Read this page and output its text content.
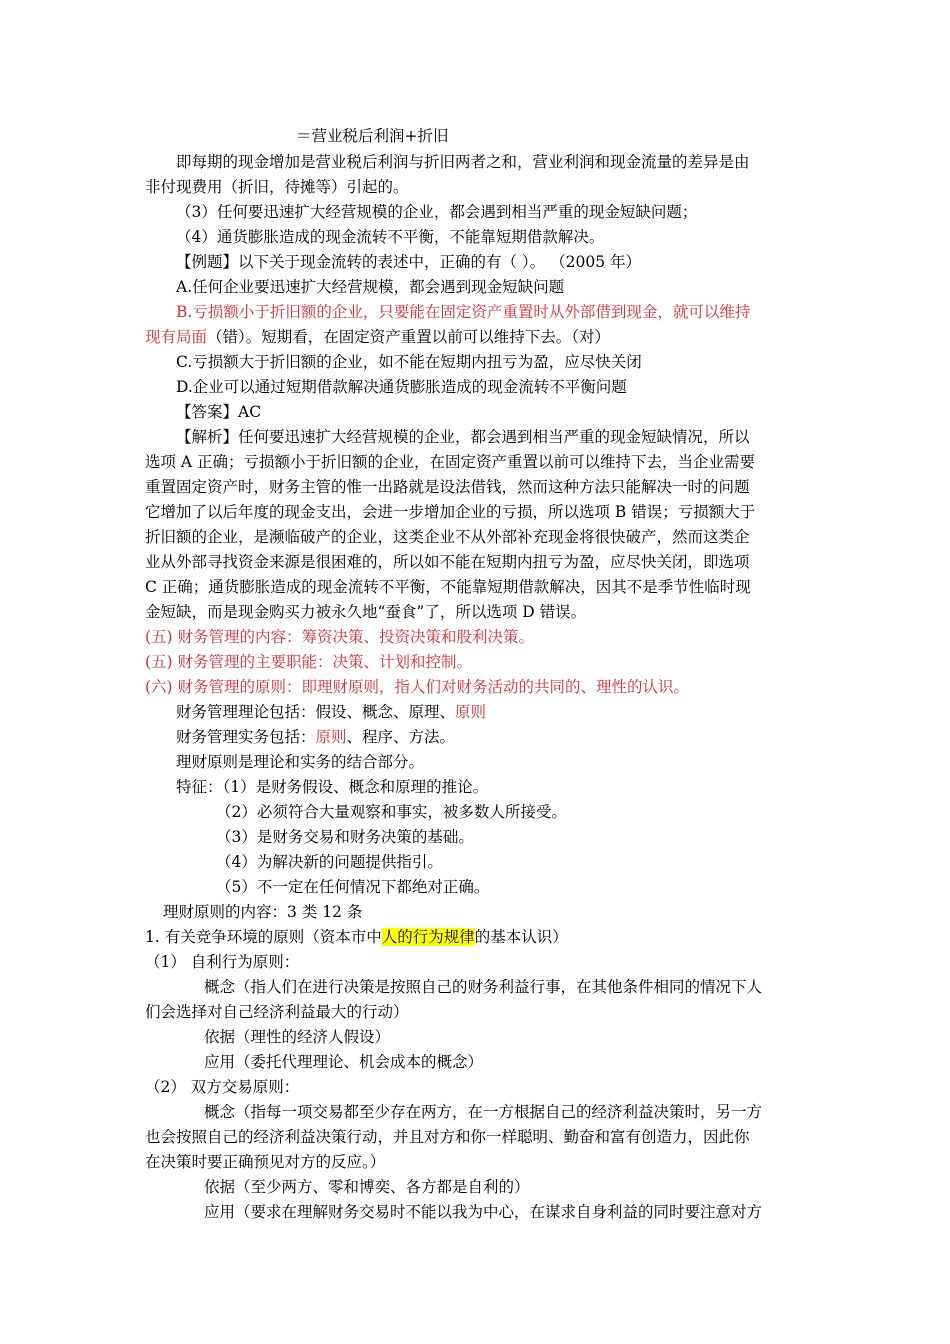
＝营业税后利润+折旧
即每期的现金增加是营业税后利润与折旧两者之和，营业利润和现金流量的差异是由
非付现费用（折旧，待摊等）引起的。
（3）任何要迅速扩大经营规模的企业，都会遇到相当严重的现金短缺问题；
（4）通货膨胀造成的现金流转不平衡，不能靠短期借款解决。
【例题】以下关于现金流转的表述中，正确的有（ ）。 （2005 年）
A.任何企业要迅速扩大经营规模，都会遇到现金短缺问题
B.亏损额小于折旧额的企业，只要能在固定资产重置时从外部借到现金，就可以维持
现有局面（错）。短期看，在固定资产重置以前可以维持下去。（对）
C.亏损额大于折旧额的企业，如不能在短期内扭亏为盈，应尽快关闭
D.企业可以通过短期借款解决通货膨胀造成的现金流转不平衡问题
【答案】AC
【解析】任何要迅速扩大经营规模的企业，都会遇到相当严重的现金短缺情况，所以
选项 A 正确；亏损额小于折旧额的企业，在固定资产重置以前可以维持下去，当企业需要
重置固定资产时，财务主管的惟一出路就是设法借钱，然而这种方法只能解决一时的问题
它增加了以后年度的现金支出，会进一步增加企业的亏损，所以选项 B 错误；亏损额大于
折旧额的企业，是濒临破产的企业，这类企业不从外部补充现金将很快破产，然而这类企
业从外部寻找资金来源是很困难的，所以如不能在短期内扭亏为盈，应尽快关闭，即选项
C 正确；通货膨胀造成的现金流转不平衡，不能靠短期借款解决，因其不是季节性临时现
金短缺，而是现金购买力被永久地“蚕食”了，所以选项 D 错误。
(五) 财务管理的内容：筹资决策、投资决策和股利决策。
(五) 财务管理的主要职能：决策、计划和控制。
(六) 财务管理的原则：即理财原则，指人们对财务活动的共同的、理性的认识。
财务管理理论包括：假设、概念、原理、原则
财务管理实务包括：原则、程序、方法。
理财原则是理论和实务的结合部分。
特征：（1）是财务假设、概念和原理的推论。
（2）必须符合大量观察和事实，被多数人所接受。
（3）是财务交易和财务决策的基础。
（4）为解决新的问题提供指引。
（5）不一定在任何情况下都绝对正确。
理财原则的内容：3 类 12 条
1. 有关竞争环境的原则（资本市中人的行为规律的基本认识）
（1） 自利行为原则：
概念（指人们在进行决策是按照自己的财务利益行事，在其他条件相同的情况下人
们会选择对自己经济利益最大的行动）
依据（理性的经济人假设）
应用（委托代理理论、机会成本的概念）
（2） 双方交易原则：
概念（指每一项交易都至少存在两方，在一方根据自己的经济利益决策时，另一方
也会按照自己的经济利益决策行动，并且对方和你一样聪明、勤奋和富有创造力，因此你
在决策时要正确预见对方的反应。）
依据（至少两方、零和博奕、各方都是自利的）
应用（要求在理解财务交易时不能以我为中心，在谋求自身利益的同时要注意对方
